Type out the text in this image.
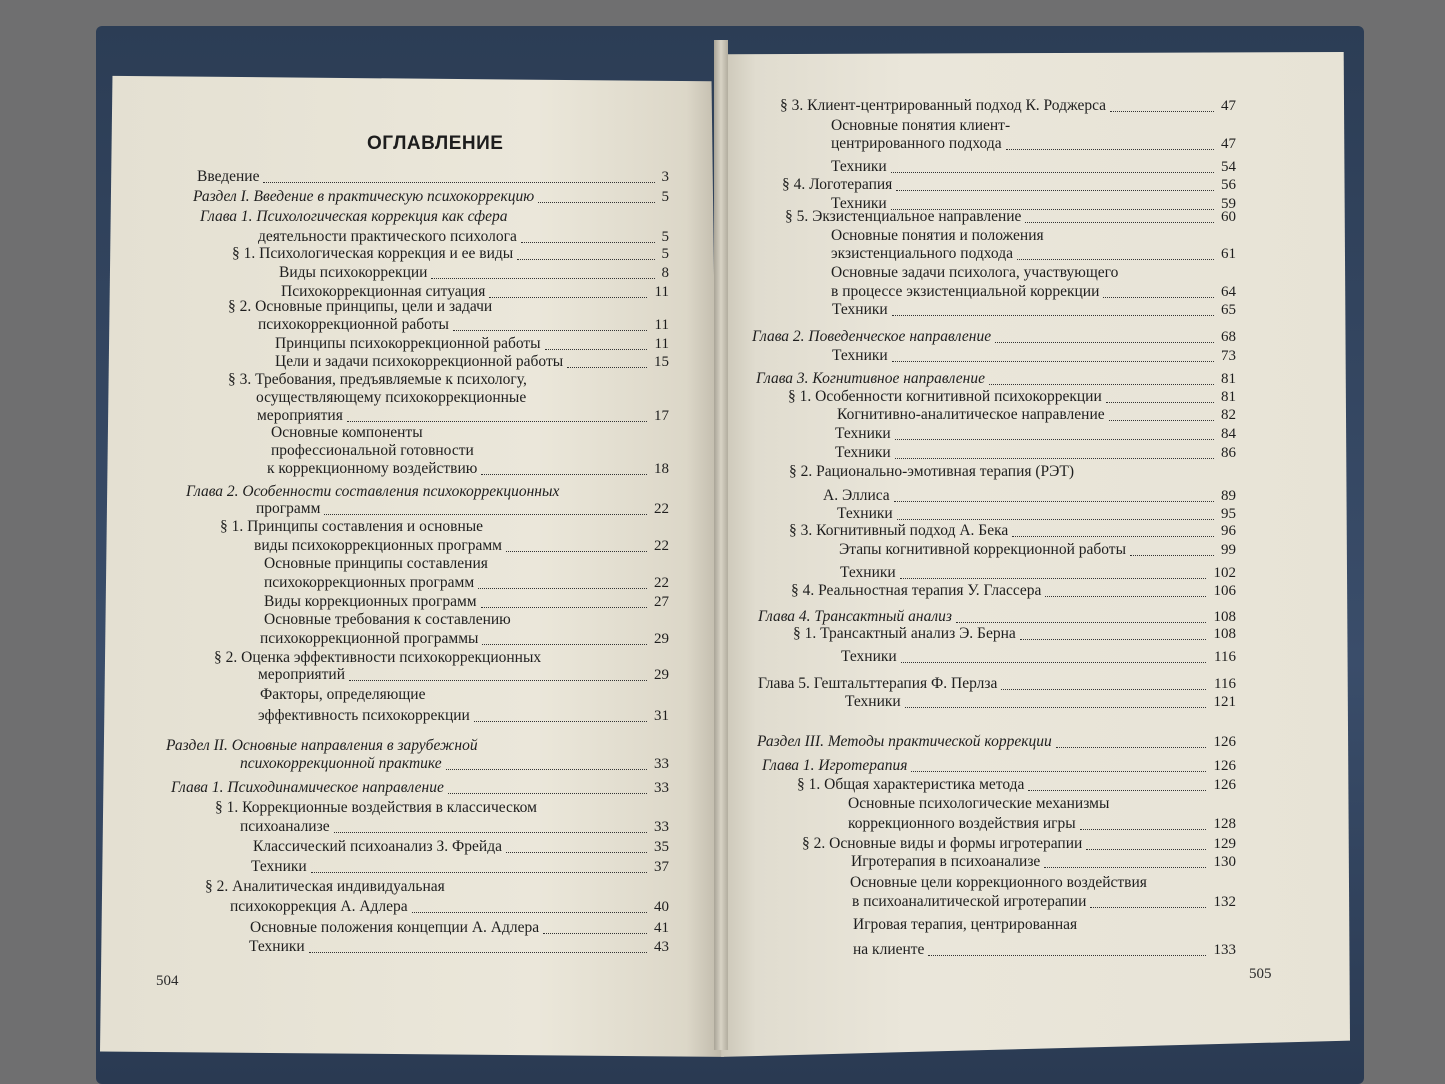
ОГЛАВЛЕНИЕ
Введение	3
Раздел I. Введение в практическую психокоррекцию	5
Глава 1. Психологическая коррекция как сфера
деятельности практического психолога	5
§ 1. Психологическая коррекция и ее виды	5
Виды психокоррекции	8
Психокоррекционная ситуация	11
§ 2. Основные принципы, цели и задачи
психокоррекционной работы	11
Принципы психокоррекционной работы	11
Цели и задачи психокоррекционной работы	15
§ 3. Требования, предъявляемые к психологу,
осуществляющему психокоррекционные
мероприятия	17
Основные компоненты
профессиональной готовности
к коррекционному воздействию	18
Глава 2. Особенности составления психокоррекционных
программ	22
§ 1. Принципы составления и основные
виды психокоррекционных программ	22
Основные принципы составления
психокоррекционных программ	22
Виды коррекционных программ	27
Основные требования к составлению
психокоррекционной программы	29
§ 2. Оценка эффективности психокоррекционных
мероприятий	29
Факторы, определяющие
эффективность психокоррекции	31
Раздел II. Основные направления в зарубежной
психокоррекционной практике	33
Глава 1. Психодинамическое направление	33
§ 1. Коррекционные воздействия в классическом
психоанализе	33
Классический психоанализ З. Фрейда	35
Техники	37
§ 2. Аналитическая индивидуальная
психокоррекция А. Адлера	40
Основные положения концепции А. Адлера	41
Техники	43
§ 3. Клиент-центрированный подход К. Роджерса	47
Основные понятия клиент-
центрированного подхода	47
Техники	54
§ 4. Логотерапия	56
Техники	59
§ 5. Экзистенциальное направление	60
Основные понятия и положения
экзистенциального подхода	61
Основные задачи психолога, участвующего
в процессе экзистенциальной коррекции	64
Техники	65
Глава 2. Поведенческое направление	68
Техники	73
Глава 3. Когнитивное направление	81
§ 1. Особенности когнитивной психокоррекции	81
Когнитивно-аналитическое направление	82
Техники	84
Техники	86
§ 2. Рационально-эмотивная терапия (РЭТ)
А. Эллиса	89
Техники	95
§ 3. Когнитивный подход А. Бека	96
Этапы когнитивной коррекционной работы	99
Техники	102
§ 4. Реальностная терапия У. Глассера	106
Глава 4. Трансактный анализ	108
§ 1. Трансактный анализ Э. Берна	108
Техники	116
Глава 5. Гештальттерапия Ф. Перлза	116
Техники	121
Раздел III. Методы практической коррекции	126
Глава 1. Игротерапия	126
§ 1. Общая характеристика метода	126
Основные психологические механизмы
коррекционного воздействия игры	128
§ 2. Основные виды и формы игротерапии	129
Игротерапия в психоанализе	130
Основные цели коррекционного воздействия
в психоаналитической игротерапии	132
Игровая терапия, центрированная
на клиенте	133
504	505
